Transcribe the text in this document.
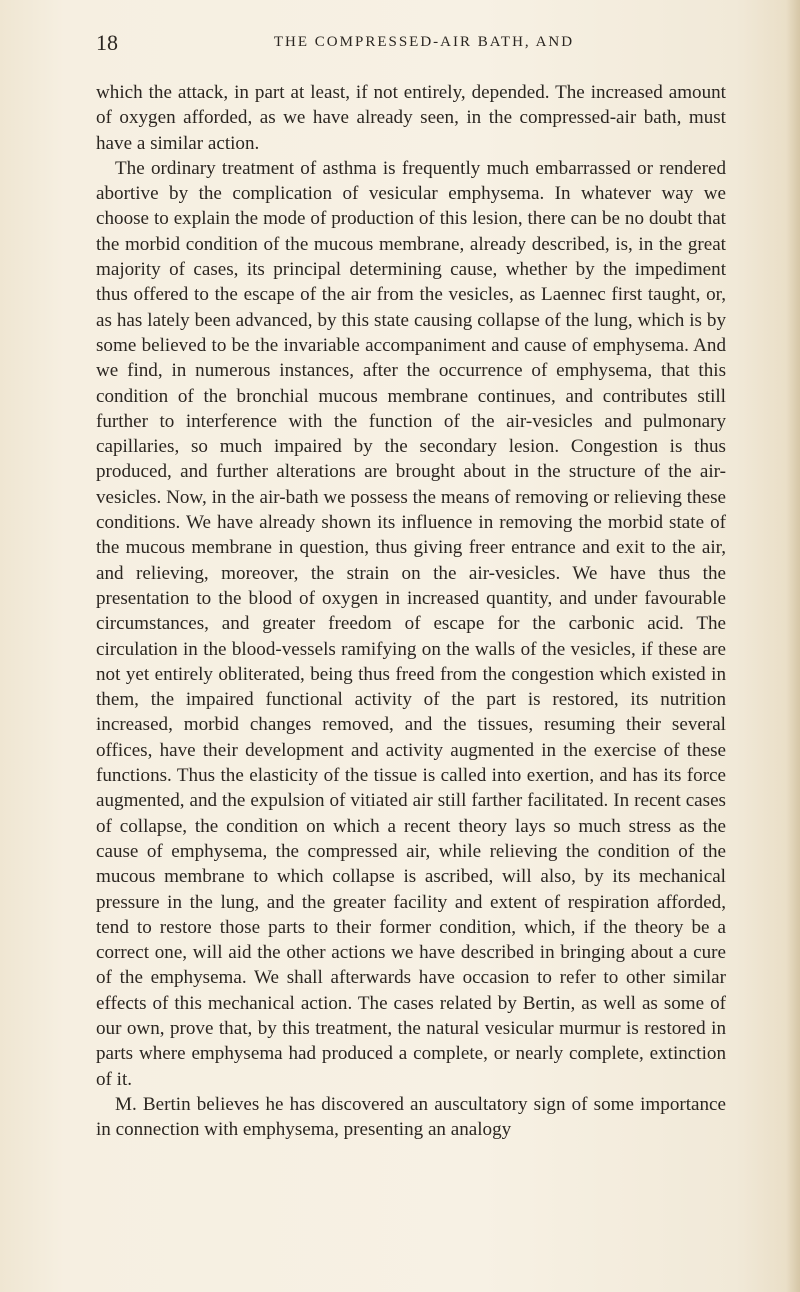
18	THE COMPRESSED-AIR BATH, AND

which the attack, in part at least, if not entirely, depended. The increased amount of oxygen afforded, as we have already seen, in the compressed-air bath, must have a similar action.

The ordinary treatment of asthma is frequently much embarrassed or rendered abortive by the complication of vesicular emphysema. In whatever way we choose to explain the mode of production of this lesion, there can be no doubt that the morbid condition of the mucous membrane, already described, is, in the great majority of cases, its principal determining cause, whether by the impediment thus offered to the escape of the air from the vesicles, as Laennec first taught, or, as has lately been advanced, by this state causing collapse of the lung, which is by some believed to be the invariable accompaniment and cause of emphysema. And we find, in numerous instances, after the occurrence of emphysema, that this condition of the bronchial mucous membrane continues, and contributes still further to interference with the function of the air-vesicles and pulmonary capillaries, so much impaired by the secondary lesion. Congestion is thus produced, and further alterations are brought about in the structure of the air-vesicles. Now, in the air-bath we possess the means of removing or relieving these conditions. We have already shown its influence in removing the morbid state of the mucous membrane in question, thus giving freer entrance and exit to the air, and relieving, moreover, the strain on the air-vesicles. We have thus the presentation to the blood of oxygen in increased quantity, and under favourable circumstances, and greater freedom of escape for the carbonic acid. The circulation in the blood-vessels ramifying on the walls of the vesicles, if these are not yet entirely obliterated, being thus freed from the congestion which existed in them, the impaired functional activity of the part is restored, its nutrition increased, morbid changes removed, and the tissues, resuming their several offices, have their development and activity augmented in the exercise of these functions. Thus the elasticity of the tissue is called into exertion, and has its force augmented, and the expulsion of vitiated air still farther facilitated. In recent cases of collapse, the condition on which a recent theory lays so much stress as the cause of emphysema, the compressed air, while relieving the condition of the mucous membrane to which collapse is ascribed, will also, by its mechanical pressure in the lung, and the greater facility and extent of respiration afforded, tend to restore those parts to their former condition, which, if the theory be a correct one, will aid the other actions we have described in bringing about a cure of the emphysema. We shall afterwards have occasion to refer to other similar effects of this mechanical action. The cases related by Bertin, as well as some of our own, prove that, by this treatment, the natural vesicular murmur is restored in parts where emphysema had produced a complete, or nearly complete, extinction of it.

M. Bertin believes he has discovered an auscultatory sign of some importance in connection with emphysema, presenting an analogy
